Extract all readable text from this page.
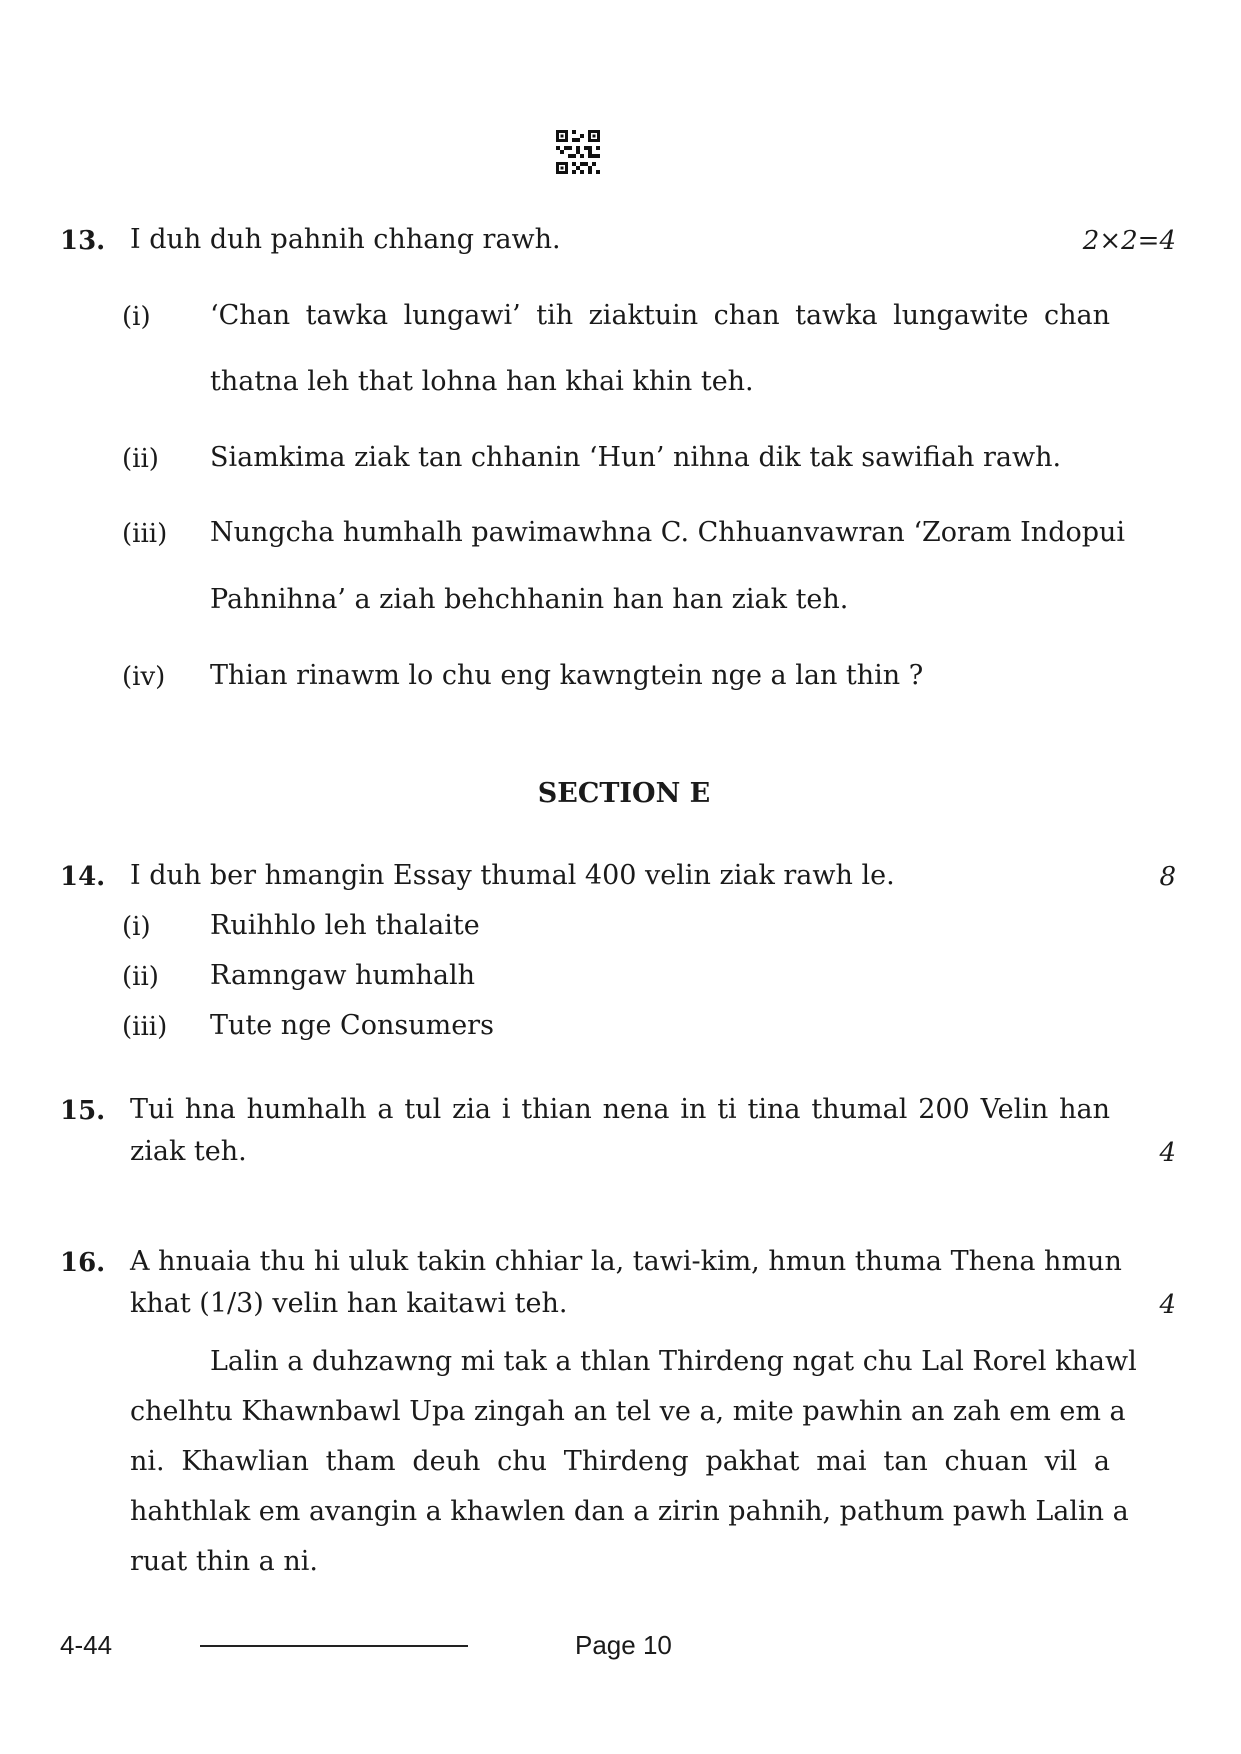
13. I duh duh pahnih chhang rawh.	2×2=4
(i) ‘Chan tawka lungawi’ tih ziaktuin chan tawka lungawite chan
thatna leh that lohna han khai khin teh.
(ii) Siamkima ziak tan chhanin ‘Hun’ nihna dik tak sawifiah rawh.
(iii) Nungcha humhalh pawimawhna C. Chhuanvawran ‘Zoram Indopui
Pahnihna’ a ziah behchhanin han han ziak teh.
(iv) Thian rinawm lo chu eng kawngtein nge a lan thin ?
SECTION E
14. I duh ber hmangin Essay thumal 400 velin ziak rawh le.	8
(i) Ruihhlo leh thalaite
(ii) Ramngaw humhalh
(iii) Tute nge Consumers
15. Tui hna humhalh a tul zia i thian nena in ti tina thumal 200 Velin han
ziak teh.	4
16. A hnuaia thu hi uluk takin chhiar la, tawi-kim, hmun thuma Thena hmun
khat (1/3) velin han kaitawi teh.	4
Lalin a duhzawng mi tak a thlan Thirdeng ngat chu Lal Rorel khawl
chelhtu Khawnbawl Upa zingah an tel ve a, mite pawhin an zah em em a
ni. Khawlian tham deuh chu Thirdeng pakhat mai tan chuan vil a
hahthlak em avangin a khawlen dan a zirin pahnih, pathum pawh Lalin a
ruat thin a ni.
4-44	Page 10
